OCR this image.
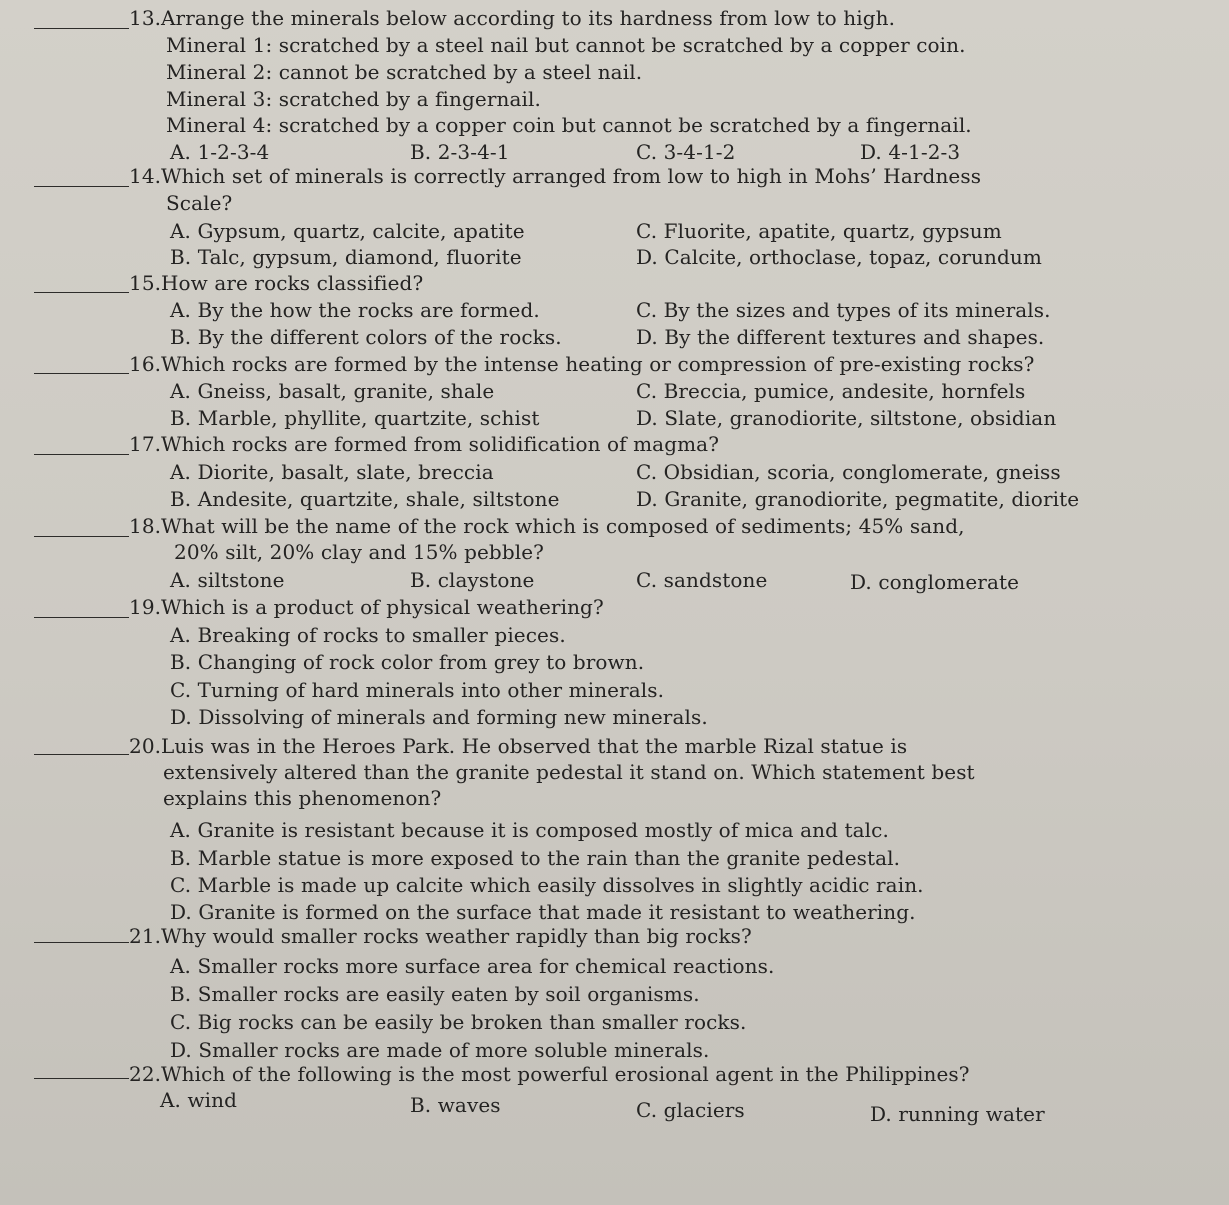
13. Arrange the minerals below according to its hardness from low to high.
Mineral 1: scratched by a steel nail but cannot be scratched by a copper coin.
Mineral 2: cannot be scratched by a steel nail.
Mineral 3: scratched by a fingernail.
Mineral 4: scratched by a copper coin but cannot be scratched by a fingernail.
A. 1-2-3-4	B. 2-3-4-1	C. 3-4-1-2	D. 4-1-2-3
14. Which set of minerals is correctly arranged from low to high in Mohs’ Hardness
Scale?
A. Gypsum, quartz, calcite, apatite	C. Fluorite, apatite, quartz, gypsum
B. Talc, gypsum, diamond, fluorite	D. Calcite, orthoclase, topaz, corundum
15. How are rocks classified?
A. By the how the rocks are formed.	C. By the sizes and types of its minerals.
B. By the different colors of the rocks.	D. By the different textures and shapes.
16. Which rocks are formed by the intense heating or compression of pre-existing rocks?
A. Gneiss, basalt, granite, shale	C. Breccia, pumice, andesite, hornfels
B. Marble, phyllite, quartzite, schist	D. Slate, granodiorite, siltstone, obsidian
17. Which rocks are formed from solidification of magma?
A. Diorite, basalt, slate, breccia	C. Obsidian, scoria, conglomerate, gneiss
B. Andesite, quartzite, shale, siltstone	D. Granite, granodiorite, pegmatite, diorite
18. What will be the name of the rock which is composed of sediments; 45% sand,
20% silt, 20% clay and 15% pebble?
A. siltstone	B. claystone	C. sandstone	D. conglomerate
19. Which is a product of physical weathering?
A. Breaking of rocks to smaller pieces.
B. Changing of rock color from grey to brown.
C. Turning of hard minerals into other minerals.
D. Dissolving of minerals and forming new minerals.
20. Luis was in the Heroes Park. He observed that the marble Rizal statue is
extensively altered than the granite pedestal it stand on. Which statement best
explains this phenomenon?
A. Granite is resistant because it is composed mostly of mica and talc.
B. Marble statue is more exposed to the rain than the granite pedestal.
C. Marble is made up calcite which easily dissolves in slightly acidic rain.
D. Granite is formed on the surface that made it resistant to weathering.
21. Why would smaller rocks weather rapidly than big rocks?
A. Smaller rocks more surface area for chemical reactions.
B. Smaller rocks are easily eaten by soil organisms.
C. Big rocks can be easily be broken than smaller rocks.
D. Smaller rocks are made of more soluble minerals.
22. Which of the following is the most powerful erosional agent in the Philippines?
A. wind	B. waves	C. glaciers	D. running water
